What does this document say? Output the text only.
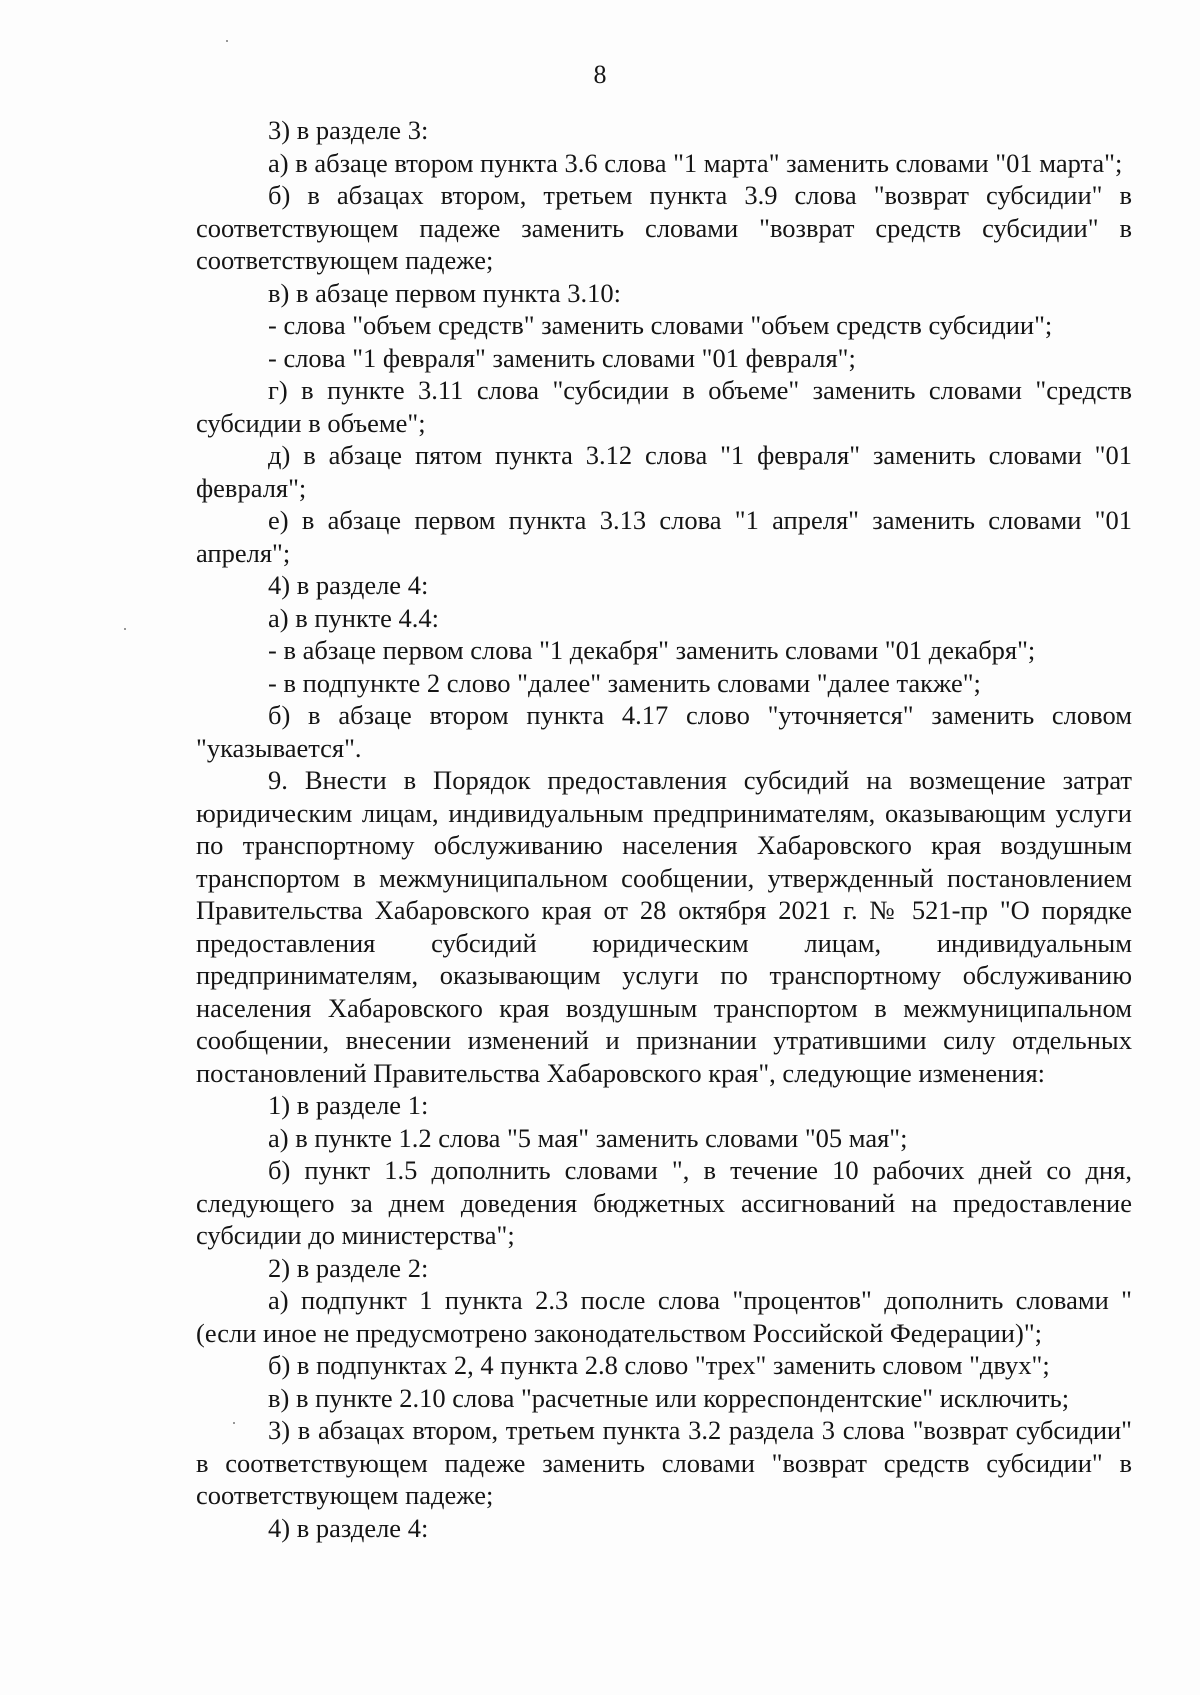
8

3) в разделе 3:

а) в абзаце втором пункта 3.6 слова "1 марта" заменить словами "01 марта";

б) в абзацах втором, третьем пункта 3.9 слова "возврат субсидии" в соответствующем падеже заменить словами "возврат средств субсидии" в соответствующем падеже;

в) в абзаце первом пункта 3.10:

- слова "объем средств" заменить словами "объем средств субсидии";

- слова "1 февраля" заменить словами "01 февраля";

г) в пункте 3.11 слова "субсидии в объеме" заменить словами "средств субсидии в объеме";

д) в абзаце пятом пункта 3.12 слова "1 февраля" заменить словами "01 февраля";

е) в абзаце первом пункта 3.13 слова "1 апреля" заменить словами "01 апреля";

4) в разделе 4:

а) в пункте 4.4:

- в абзаце первом слова "1 декабря" заменить словами "01 декабря";

- в подпункте 2 слово "далее" заменить словами "далее также";

б) в абзаце втором пункта 4.17 слово "уточняется" заменить словом "указывается".

9. Внести в Порядок предоставления субсидий на возмещение затрат юридическим лицам, индивидуальным предпринимателям, оказывающим услуги по транспортному обслуживанию населения Хабаровского края воздушным транспортом в межмуниципальном сообщении, утвержденный постановлением Правительства Хабаровского края от 28 октября 2021 г. № 521-пр "О порядке предоставления субсидий юридическим лицам, индивидуальным предпринимателям, оказывающим услуги по транспортному обслуживанию населения Хабаровского края воздушным транспортом в межмуниципальном сообщении, внесении изменений и признании утратившими силу отдельных постановлений Правительства Хабаровского края", следующие изменения:

1) в разделе 1:

а) в пункте 1.2 слова "5 мая" заменить словами "05 мая";

б) пункт 1.5 дополнить словами ", в течение 10 рабочих дней со дня, следующего за днем доведения бюджетных ассигнований на предоставление субсидии до министерства";

2) в разделе 2:

а) подпункт 1 пункта 2.3 после слова "процентов" дополнить словами "(если иное не предусмотрено законодательством Российской Федерации)";

б) в подпунктах 2, 4 пункта 2.8 слово "трех" заменить словом "двух";

в) в пункте 2.10 слова "расчетные или корреспондентские" исключить;

3) в абзацах втором, третьем пункта 3.2 раздела 3 слова "возврат субсидии" в соответствующем падеже заменить словами "возврат средств субсидии" в соответствующем падеже;

4) в разделе 4:
